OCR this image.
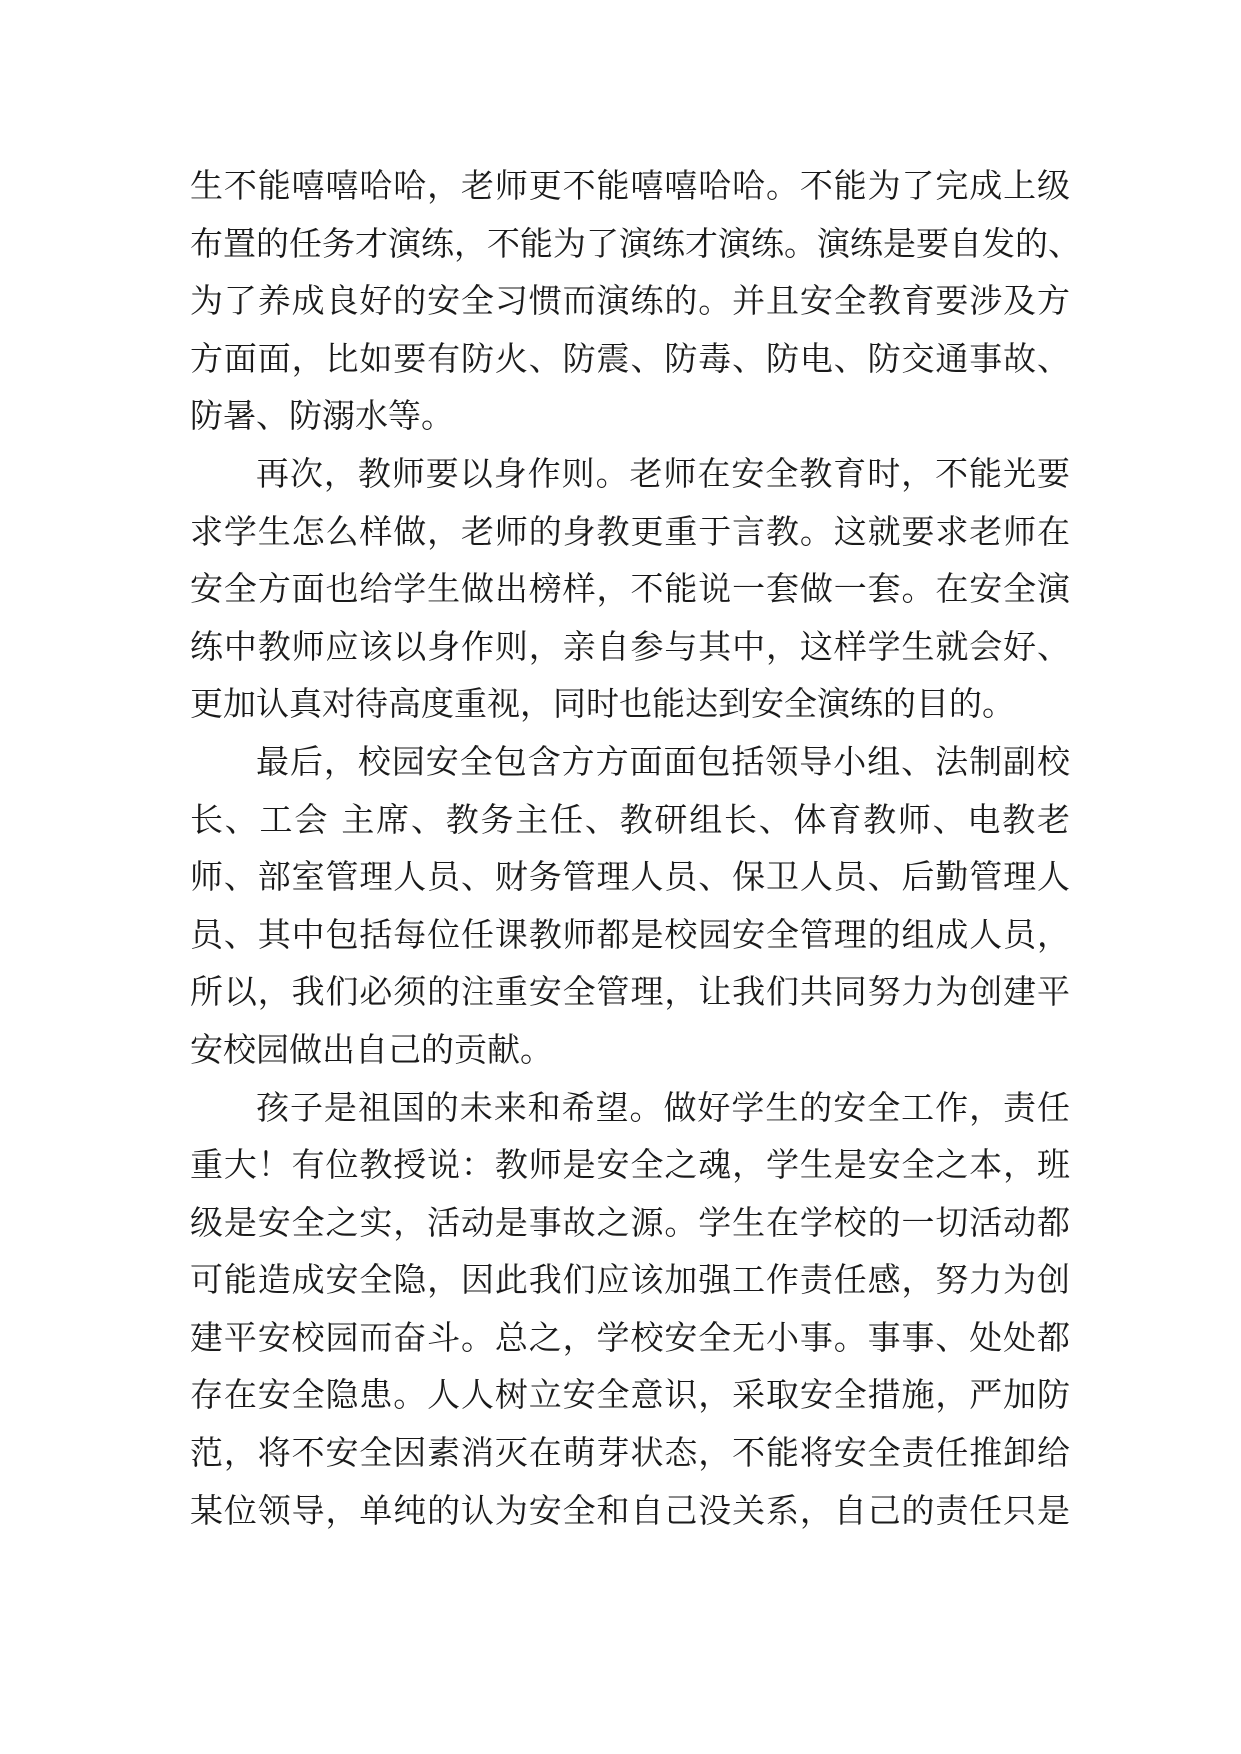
生不能嘻嘻哈哈，老师更不能嘻嘻哈哈。不能为了完成上级
布置的任务才演练，不能为了演练才演练。演练是要自发的、
为了养成良好的安全习惯而演练的。并且安全教育要涉及方
方面面，比如要有防火、防震、防毒、防电、防交通事故、
防暑、防溺水等。
再次，教师要以身作则。老师在安全教育时，不能光要
求学生怎么样做，老师的身教更重于言教。这就要求老师在
安全方面也给学生做出榜样，不能说一套做一套。在安全演
练中教师应该以身作则，亲自参与其中，这样学生就会好、
更加认真对待高度重视，同时也能达到安全演练的目的。
最后，校园安全包含方方面面包括领导小组、法制副校
长、工会 主席、教务主任、教研组长、体育教师、电教老
师、部室管理人员、财务管理人员、保卫人员、后勤管理人
员、其中包括每位任课教师都是校园安全管理的组成人员，
所以，我们必须的注重安全管理，让我们共同努力为创建平
安校园做出自己的贡献。
孩子是祖国的未来和希望。做好学生的安全工作，责任
重大！有位教授说：教师是安全之魂，学生是安全之本，班
级是安全之实，活动是事故之源。学生在学校的一切活动都
可能造成安全隐，因此我们应该加强工作责任感，努力为创
建平安校园而奋斗。总之，学校安全无小事。事事、处处都
存在安全隐患。人人树立安全意识，采取安全措施，严加防
范，将不安全因素消灭在萌芽状态，不能将安全责任推卸给
某位领导，单纯的认为安全和自己没关系，自己的责任只是
